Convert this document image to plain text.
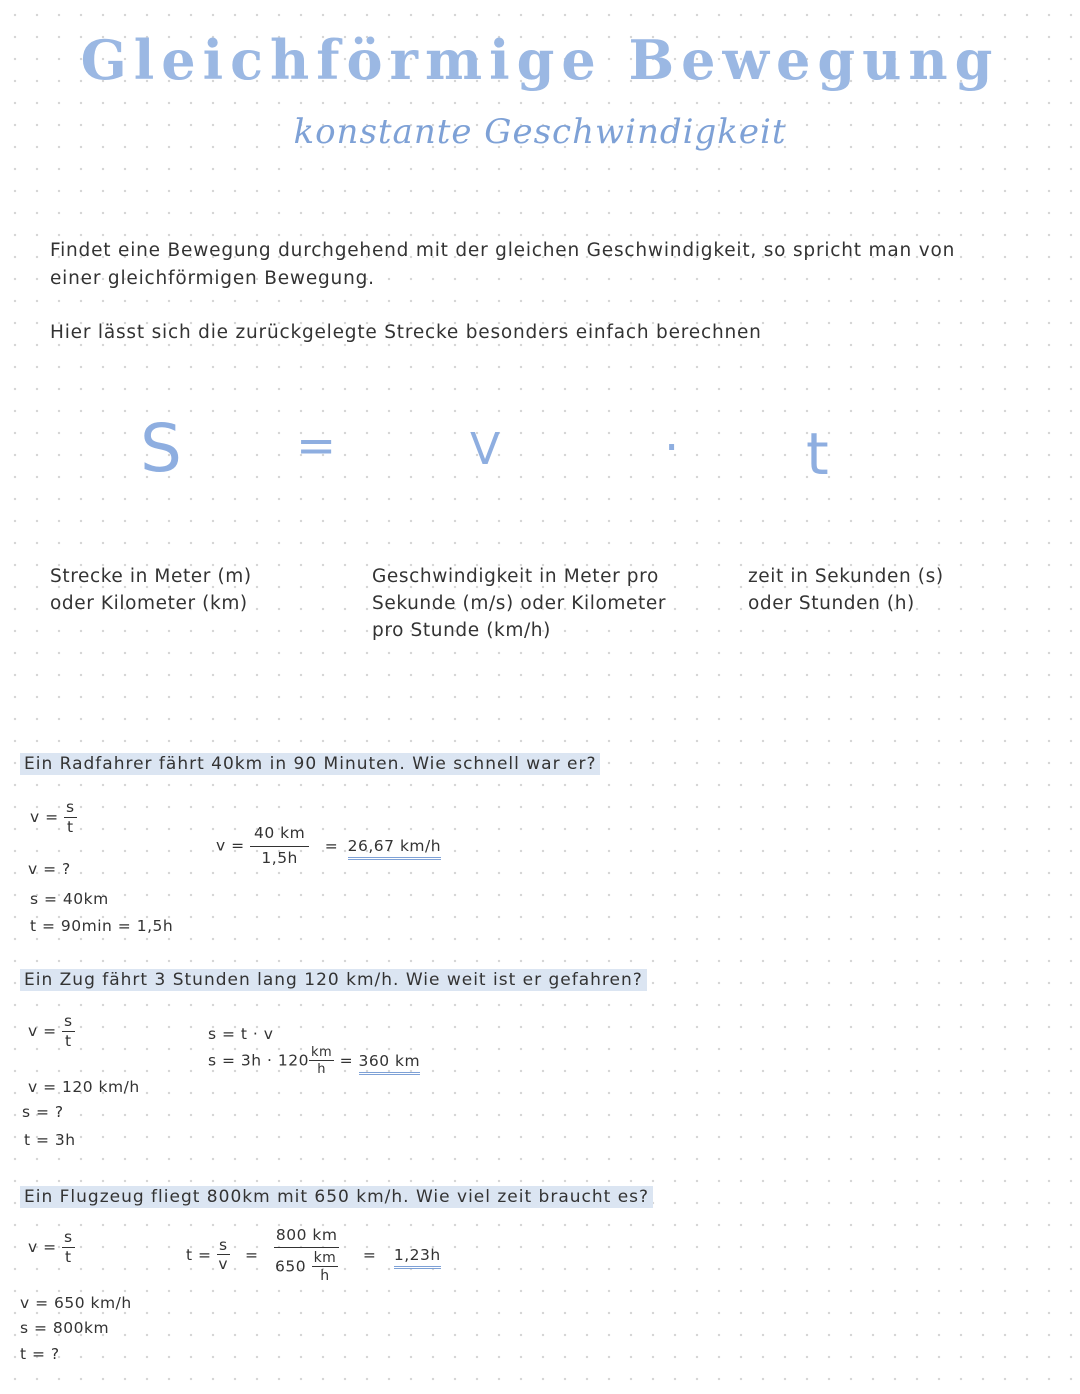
Gleichförmige Bewegung
konstante Geschwindigkeit
Findet eine Bewegung durchgehend mit der gleichen Geschwindigkeit, so spricht man von
einer gleichförmigen Bewegung.
Hier lässt sich die zurückgelegte Strecke besonders einfach berechnen
S =	V	· t
Strecke in Meter (m) oder Kilometer (km)
Geschwindigkeit in Meter pro Sekunde (m/s) oder Kilometer pro Stunde (km/h)
zeit in Sekunden (s) oder Stunden (h)
Ein Radfahrer fährt 40km in 90 Minuten. Wie schnell war er?
$v = \frac{s}{t}$
$v = \frac{40 km}{1,5h} = 26,67$ km/h
v = ?
s = 40km
t = 90min = 1,5h
Ein Zug fährt 3 Stunden lang 120 km/h. Wie weit ist er gefahren?
$v = \frac{s}{t}$	s = t · v
$s = 3h \cdot 120 \frac{km}{h} = 360$ km
v = 120 km/h
s = ?
t = 3h
Ein Flugzeug fliegt 800km mit 650 km/h. Wie viel zeit braucht es?
$v = \frac{s}{t}$	$t = \frac{s}{v} = \frac{800 km}{650 \frac{km}{h}} = 1,23h$
v = 650 km/h
s = 800km
t = ?
